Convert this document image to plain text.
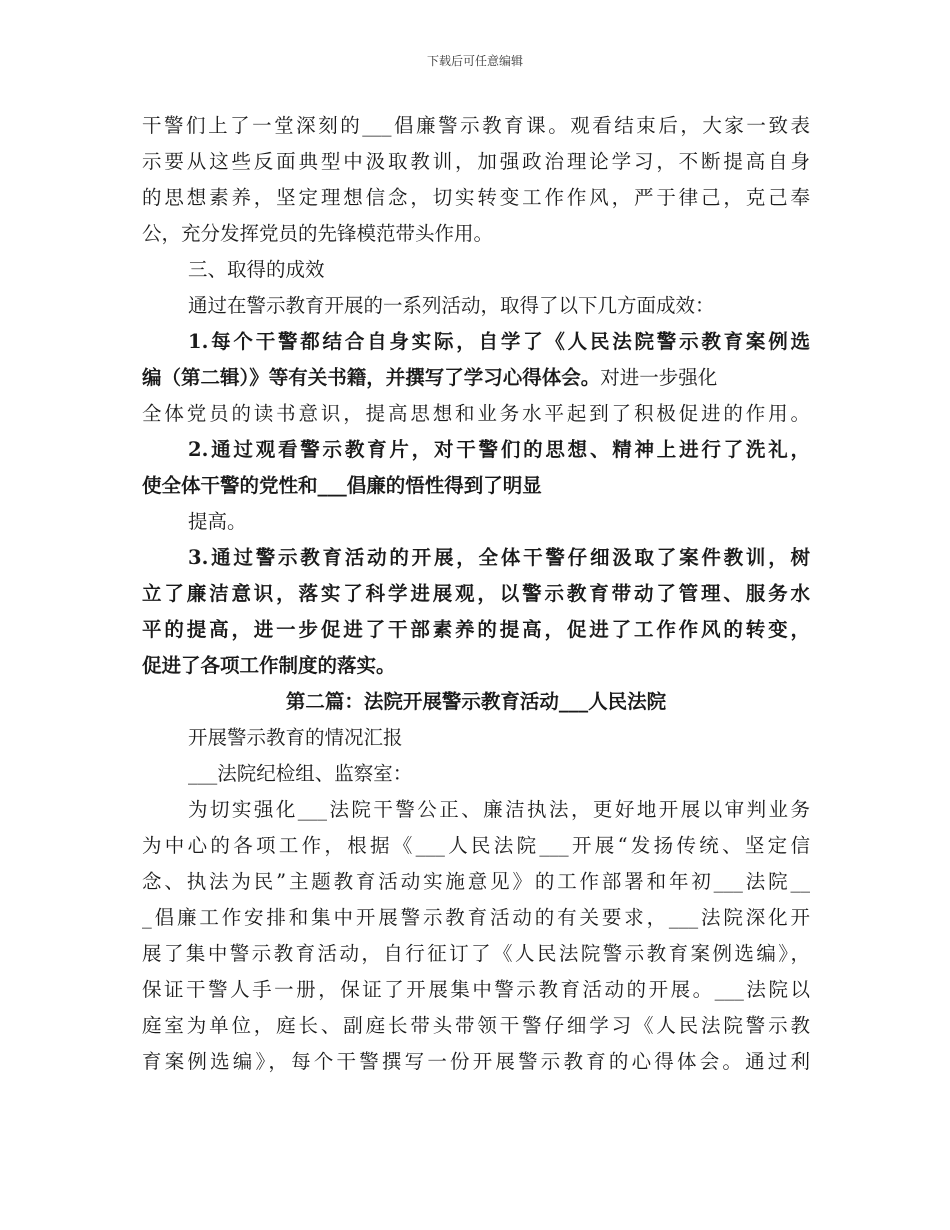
下载后可任意编辑
干警们上了一堂深刻的___倡廉警示教育课。观看结束后，大家一致表
示要从这些反面典型中汲取教训，加强政治理论学习，不断提高自身
的思想素养，坚定理想信念，切实转变工作作风，严于律己，克己奉
公，充分发挥党员的先锋模范带头作用。
三、取得的成效
通过在警示教育开展的一系列活动，取得了以下几方面成效：
1.每个干警都结合自身实际，自学了《人民法院警示教育案例选
编（第二辑）》等有关书籍，并撰写了学习心得体会。对进一步强化
全体党员的读书意识，提高思想和业务水平起到了积极促进的作用。
2.通过观看警示教育片，对干警们的思想、精神上进行了洗礼，
使全体干警的党性和___倡廉的悟性得到了明显
提高。
3.通过警示教育活动的开展，全体干警仔细汲取了案件教训，树
立了廉洁意识，落实了科学进展观，以警示教育带动了管理、服务水
平的提高，进一步促进了干部素养的提高，促进了工作作风的转变，
促进了各项工作制度的落实。
第二篇：法院开展警示教育活动___人民法院
开展警示教育的情况汇报
___法院纪检组、监察室：
为切实强化___法院干警公正、廉洁执法，更好地开展以审判业务
为中心的各项工作，根据《___人民法院___开展“发扬传统、坚定信
念、执法为民”主题教育活动实施意见》的工作部署和年初___法院__
_倡廉工作安排和集中开展警示教育活动的有关要求，___法院深化开
展了集中警示教育活动，自行征订了《人民法院警示教育案例选编》，
保证干警人手一册，保证了开展集中警示教育活动的开展。___法院以
庭室为单位，庭长、副庭长带头带领干警仔细学习《人民法院警示教
育案例选编》，每个干警撰写一份开展警示教育的心得体会。通过利
